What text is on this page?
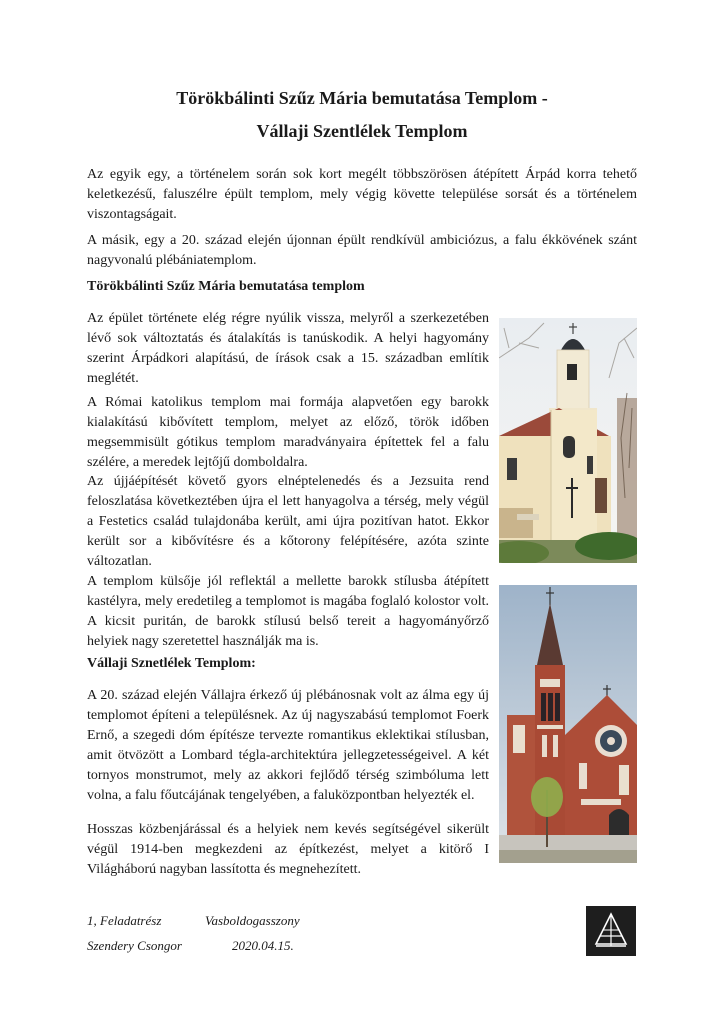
Törökbálinti Szűz Mária bemutatása Templom -
Vállaji Szentlélek Templom

Az egyik egy, a történelem során sok kort megélt többszörösen átépített Árpád korra tehető keletkezésű, faluszélre épült templom, mely végig követte települése sorsát és a történelem viszontagságait.

A másik, egy a 20. század elején újonnan épült rendkívül ambiciózus, a falu ékkövének szánt nagyvonalú plébániatemplom.

Törökbálinti Szűz Mária bemutatása templom

Az épület története elég régre nyúlik vissza, melyről a szerkezetében lévő sok változtatás és átalakítás is tanúskodik. A helyi hagyomány szerint Árpádkori alapítású, de írások csak a 15. században említik meglétét.

A Római katolikus templom mai formája alapvetően egy barokk kialakítású kibővített templom, melyet az előző, török időben megsemmisült gótikus templom maradványaira építettek fel a falu szélére, a meredek lejtőjű domboldalra.

Az újjáépítését követő gyors elnéptelenedés és a Jezsuita rend feloszlatása következtében újra el lett hanyagolva a térség, mely végül a Festetics család tulajdonába került, ami újra pozitívan hatot. Ekkor került sor a kibővítésre és a kőtorony felépítésére, azóta szinte változatlan.

A templom külsője jól reflektál a mellette barokk stílusba átépített kastélyra, mely eredetileg a templomot is magába foglaló kolostor volt. A kicsit puritán, de barokk stílusú belső tereit a hagyományőrző helyiek nagy szeretettel használják ma is.

Vállaji Sznetlélek Templom:

A 20. század elején Vállajra érkező új plébánosnak volt az álma egy új templomot építeni a településnek. Az új nagyszabású templomot Foerk Ernő, a szegedi dóm építésze tervezte romantikus eklektikai stílusban, amit ötvözött a Lombard tégla-architektúra jellegzetességeivel. A két tornyos monstrumot, mely az akkori fejlődő térség szimbóluma lett volna, a falu főutcájának tengelyében, a faluközpontban helyezték el.

Hosszas közbenjárással és a helyiek nem kevés segítségével sikerült végül 1914-ben megkezdeni az építkezést, melyet a kitörő I Világháború nagyban lassította és megnehezített.

1, Feladatrész	Vasboldogasszony

Szendery Csongor	2020.04.15.
